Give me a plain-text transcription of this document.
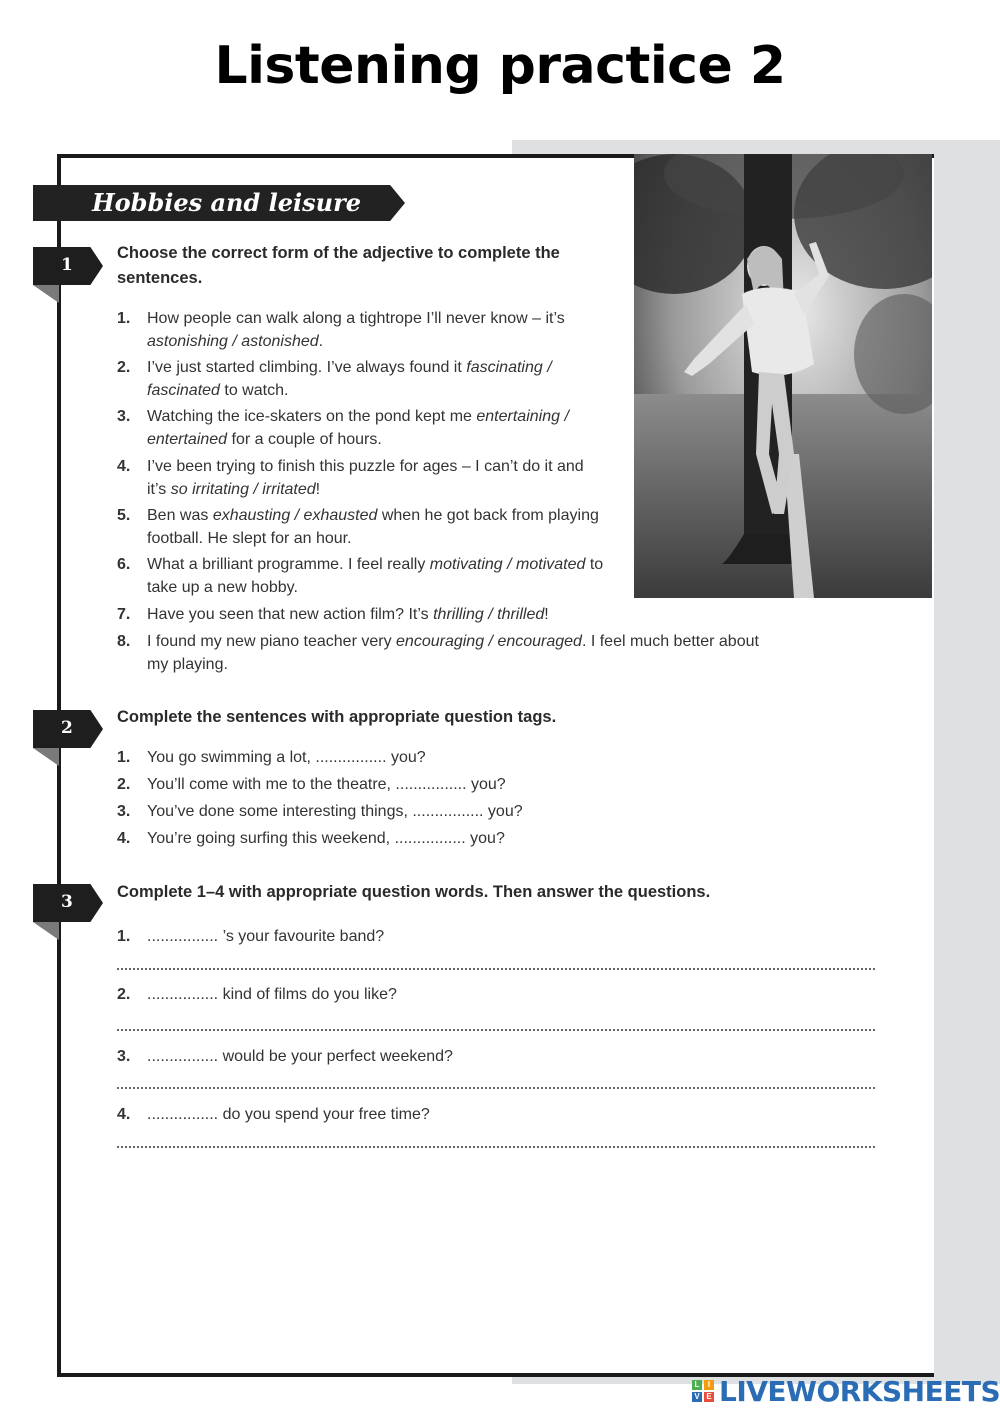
Listening practice 2
Hobbies and leisure
1
Choose the correct form of the adjective to complete the sentences.
1.	How people can walk along a tightrope I’ll never know – it’s astonishing / astonished.
2.	I’ve just started climbing. I’ve always found it fascinating / fascinated to watch.
3.	Watching the ice-skaters on the pond kept me entertaining / entertained for a couple of hours.
4.	I’ve been trying to finish this puzzle for ages – I can’t do it and it’s so irritating / irritated!
5.	Ben was exhausting / exhausted when he got back from playing football. He slept for an hour.
6.	What a brilliant programme. I feel really motivating / motivated to take up a new hobby.
7.	Have you seen that new action film? It’s thrilling / thrilled!
8.	I found my new piano teacher very encouraging / encouraged. I feel much better about my playing.
2
Complete the sentences with appropriate question tags.
1.	You go swimming a lot, ................ you?
2.	You’ll come with me to the theatre, ................ you?
3.	You’ve done some interesting things, ................ you?
4.	You’re going surfing this weekend, ................ you?
3	Complete 1–4 with appropriate question words. Then answer the questions.
1.	................ ’s your favourite band?
2.	................ kind of films do you like?
3.	................ would be your perfect weekend?
4.	................ do you spend your free time?
L	I
V E LIVEWORKSHEETS
